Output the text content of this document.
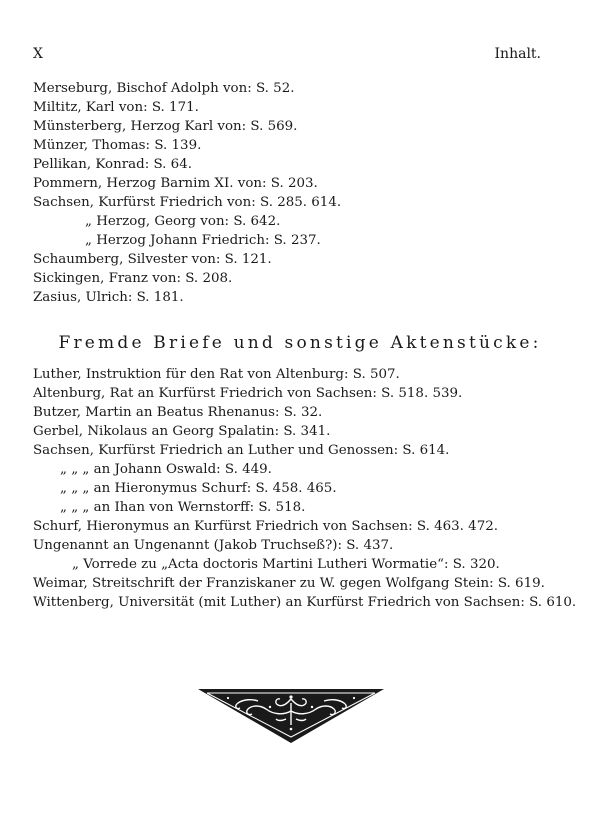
X	Inhalt.
Merseburg, Bischof Adolph von: S. 52.
Miltitz, Karl von: S. 171.
Münsterberg, Herzog Karl von: S. 569.
Münzer, Thomas: S. 139.
Pellikan, Konrad: S. 64.
Pommern, Herzog Barnim XI. von: S. 203.
Sachsen, Kurfürst Friedrich von: S. 285. 614.
„ Herzog, Georg von: S. 642.
„ Herzog Johann Friedrich: S. 237.
Schaumberg, Silvester von: S. 121.
Sickingen, Franz von: S. 208.
Zasius, Ulrich: S. 181.
Fremde Briefe und sonstige Aktenstücke:
Luther, Instruktion für den Rat von Altenburg: S. 507.
Altenburg, Rat an Kurfürst Friedrich von Sachsen: S. 518. 539.
Butzer, Martin an Beatus Rhenanus: S. 32.
Gerbel, Nikolaus an Georg Spalatin: S. 341.
Sachsen, Kurfürst Friedrich an Luther und Genossen: S. 614.
„ „ „ an Johann Oswald: S. 449.
„ „ „ an Hieronymus Schurf: S. 458. 465.
„ „ „ an Ihan von Wernstorff: S. 518.
Schurf, Hieronymus an Kurfürst Friedrich von Sachsen: S. 463. 472.
Ungenannt an Ungenannt (Jakob Truchseß?): S. 437.
„ Vorrede zu „Acta doctoris Martini Lutheri Wormatie“: S. 320.
Weimar, Streitschrift der Franziskaner zu W. gegen Wolfgang Stein: S. 619.
Wittenberg, Universität (mit Luther) an Kurfürst Friedrich von Sachsen: S. 610.
